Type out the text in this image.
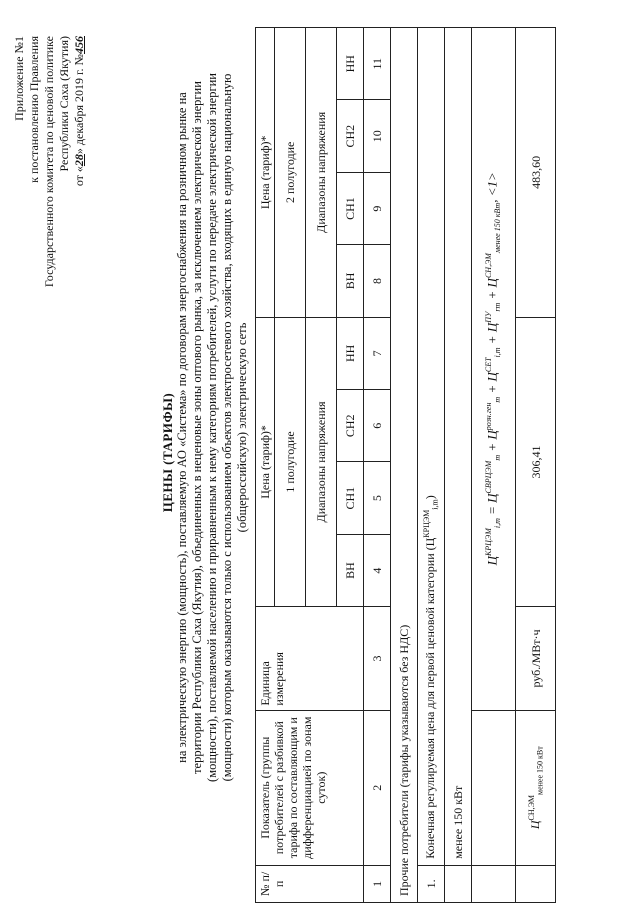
Приложение №1 к постановлению Правления Государственного комитета по ценовой политике Республики Саха (Якутия)
от «28» декабря 2019 г. №456
ЦЕНЫ (ТАРИФЫ) на электрическую энергию (мощность), поставляемую АО «Система» по договорам энергоснабжения на розничном рынке на территории Республики Саха (Якутия), объединенных в неценовые зоны оптового рынка, за исключением электрической энергии (мощности), поставляемой населению и приравненным к нему категориям потребителей, услуги по передаче электрической энергии (мощности) которым оказываются только с использованием объектов электросетевого хозяйства, входящих в единую национальную (общероссийскую) электрическую сеть
№ п/п	Показатель (группы потребителей с разбивкой тарифа по составляющим и дифференциацией по зонам суток)	Единица измерения	Цена (тариф)*				Цена (тариф)*			
			1 полугодие				2 полугодие			
			Диапазоны напряжения				Диапазоны напряжения			
			ВН	СН1	СН2	НН	ВН	СН1	СН2	НН
1	2	3	4	5	6	7	8	9	10	11
Прочие потребители (тарифы указываются без НДС)										
1.	Конечная регулируемая цена для первой ценовой категории $(Ц^{КРЦЭМ}_{i,m})$									
	менее 150 кВт									
		$Ц^{КРЦЭМ}_{i,m} = Ц^{СВРЦЭМ}_m + Ц^{розн.ген}_m + Ц^{СЕТ}_{i,m} + Ц^{ПУ}_{rm} + Ц^{СН,ЭМ}_{менее 150 кВт}$, <1>								
	$Ц^{СН,ЭМ}_{менее 150 кВт}$	руб./МВт·ч	306,41				483,60			
